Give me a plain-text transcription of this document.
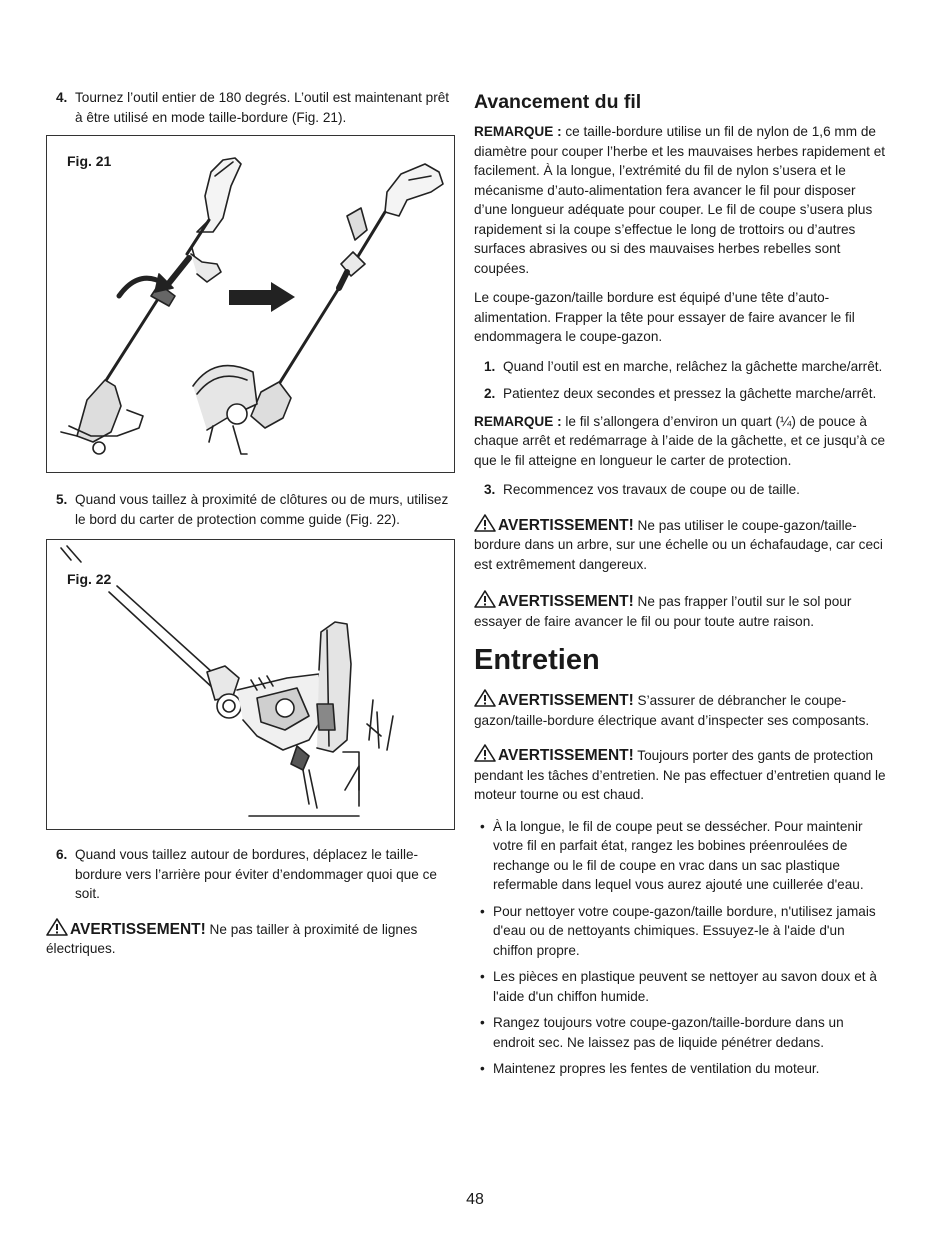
4. Tournez l’outil entier de 180 degrés. L’outil est maintenant prêt à être utilisé en mode taille-bordure (Fig. 21).
Fig. 21
5. Quand vous taillez à proximité de clôtures ou de murs, utilisez le bord du carter de protection comme guide (Fig. 22).
Fig. 22
6. Quand vous taillez autour de bordures, déplacez le taille-bordure vers l’arrière pour éviter d’endommager quoi que ce soit.
AVERTISSEMENT! Ne pas tailler à proximité de lignes électriques.
Avancement du fil

REMARQUE : ce taille-bordure utilise un fil de nylon de 1,6 mm de diamètre pour couper l’herbe et les mauvaises herbes rapidement et facilement. À la longue, l’extrémité du fil de nylon s’usera et le mécanisme d’auto-alimentation fera avancer le fil pour disposer d’une longueur adéquate pour couper. Le fil de coupe s’usera plus rapidement si la coupe s’effectue le long de trottoirs ou d’autres surfaces abrasives ou si des mauvaises herbes rebelles sont coupées.

Le coupe-gazon/taille bordure est équipé d’une tête d’auto-alimentation. Frapper la tête pour essayer de faire avancer le fil endommagera le coupe-gazon.

1. Quand l’outil est en marche, relâchez la gâchette marche/arrêt.
2. Patientez deux secondes et pressez la gâchette marche/arrêt.

REMARQUE : le fil s’allongera d’environ un quart (¼) de pouce à chaque arrêt et redémarrage à l’aide de la gâchette, et ce jusqu’à ce que le fil atteigne en longueur le carter de protection.

3. Recommencez vos travaux de coupe ou de taille.
AVERTISSEMENT! Ne pas utiliser le coupe-gazon/taille-bordure dans un arbre, sur une échelle ou un échafaudage, car ceci est extrêmement dangereux.
AVERTISSEMENT! Ne pas frapper l’outil sur le sol pour essayer de faire avancer le fil ou pour toute autre raison.
Entretien
AVERTISSEMENT! S’assurer de débrancher le coupe-gazon/taille-bordure électrique avant d’inspecter ses composants.
AVERTISSEMENT! Toujours porter des gants de protection pendant les tâches d’entretien. Ne pas effectuer d’entretien quand le moteur tourne ou est chaud.
• À la longue, le fil de coupe peut se dessécher. Pour maintenir votre fil en parfait état, rangez les bobines préenroulées de rechange ou le fil de coupe en vrac dans un sac plastique refermable dans lequel vous aurez ajouté une cuillerée d'eau.
• Pour nettoyer votre coupe-gazon/taille bordure, n'utilisez jamais d'eau ou de nettoyants chimiques. Essuyez-le à l'aide d'un chiffon propre.
• Les pièces en plastique peuvent se nettoyer au savon doux et à l'aide d'un chiffon humide.
• Rangez toujours votre coupe-gazon/taille-bordure dans un endroit sec. Ne laissez pas de liquide pénétrer dedans.
• Maintenez propres les fentes de ventilation du moteur.
48
